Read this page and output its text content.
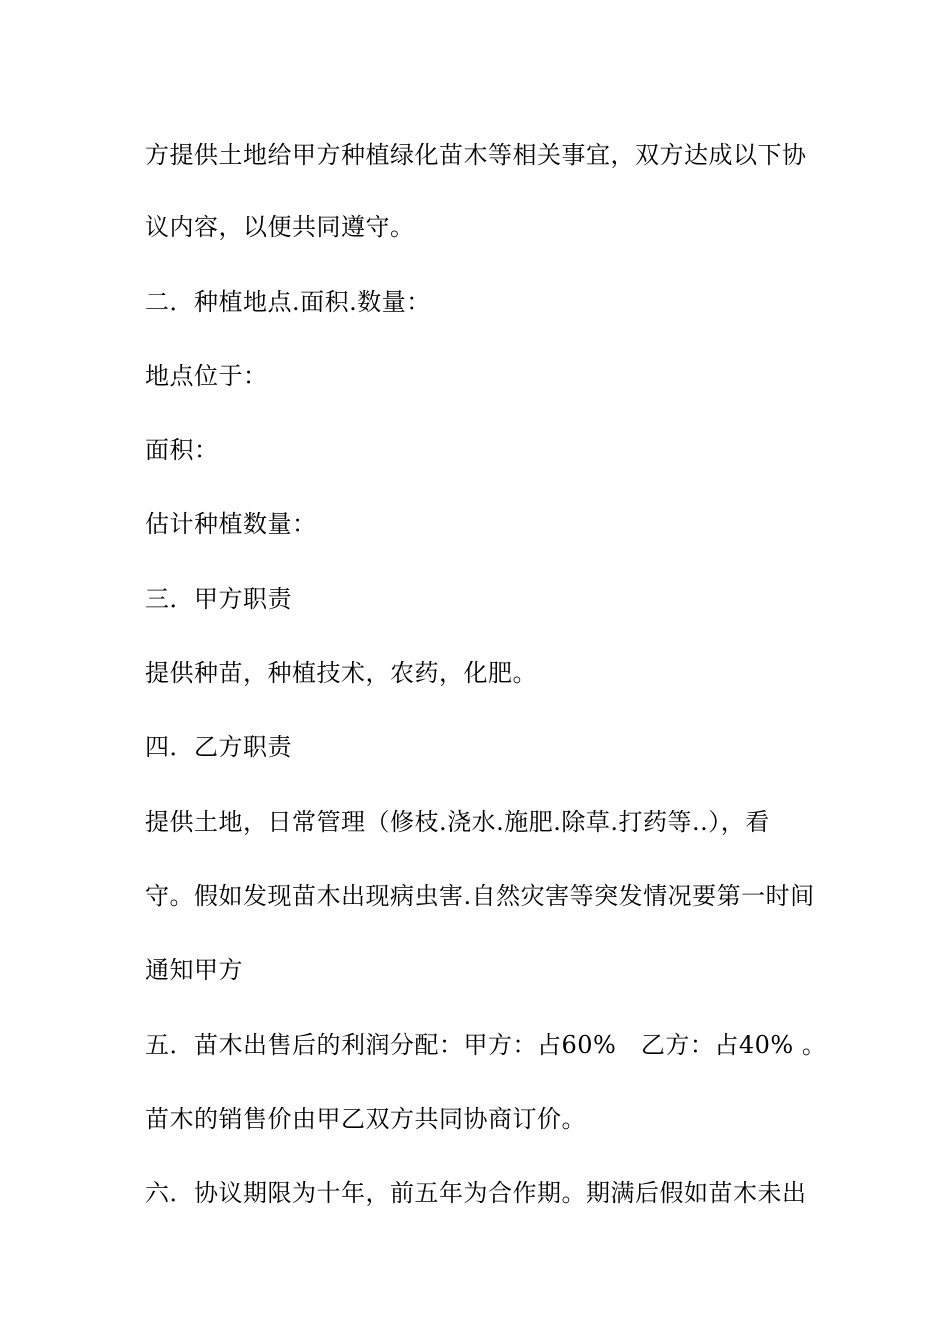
方提供土地给甲方种植绿化苗木等相关事宜，双方达成以下协

议内容，以便共同遵守。

二．种植地点.面积.数量：

地点位于：

面积：

估计种植数量：

三．甲方职责

提供种苗，种植技术，农药，化肥。

四．乙方职责

提供土地，日常管理（修枝.浇水.施肥.除草.打药等..），看

守。假如发现苗木出现病虫害.自然灾害等突发情况要第一时间

通知甲方

五．苗木出售后的利润分配：甲方：占60%　乙方：占40% 。

苗木的销售价由甲乙双方共同协商订价。

六．协议期限为十年，前五年为合作期。期满后假如苗木未出
